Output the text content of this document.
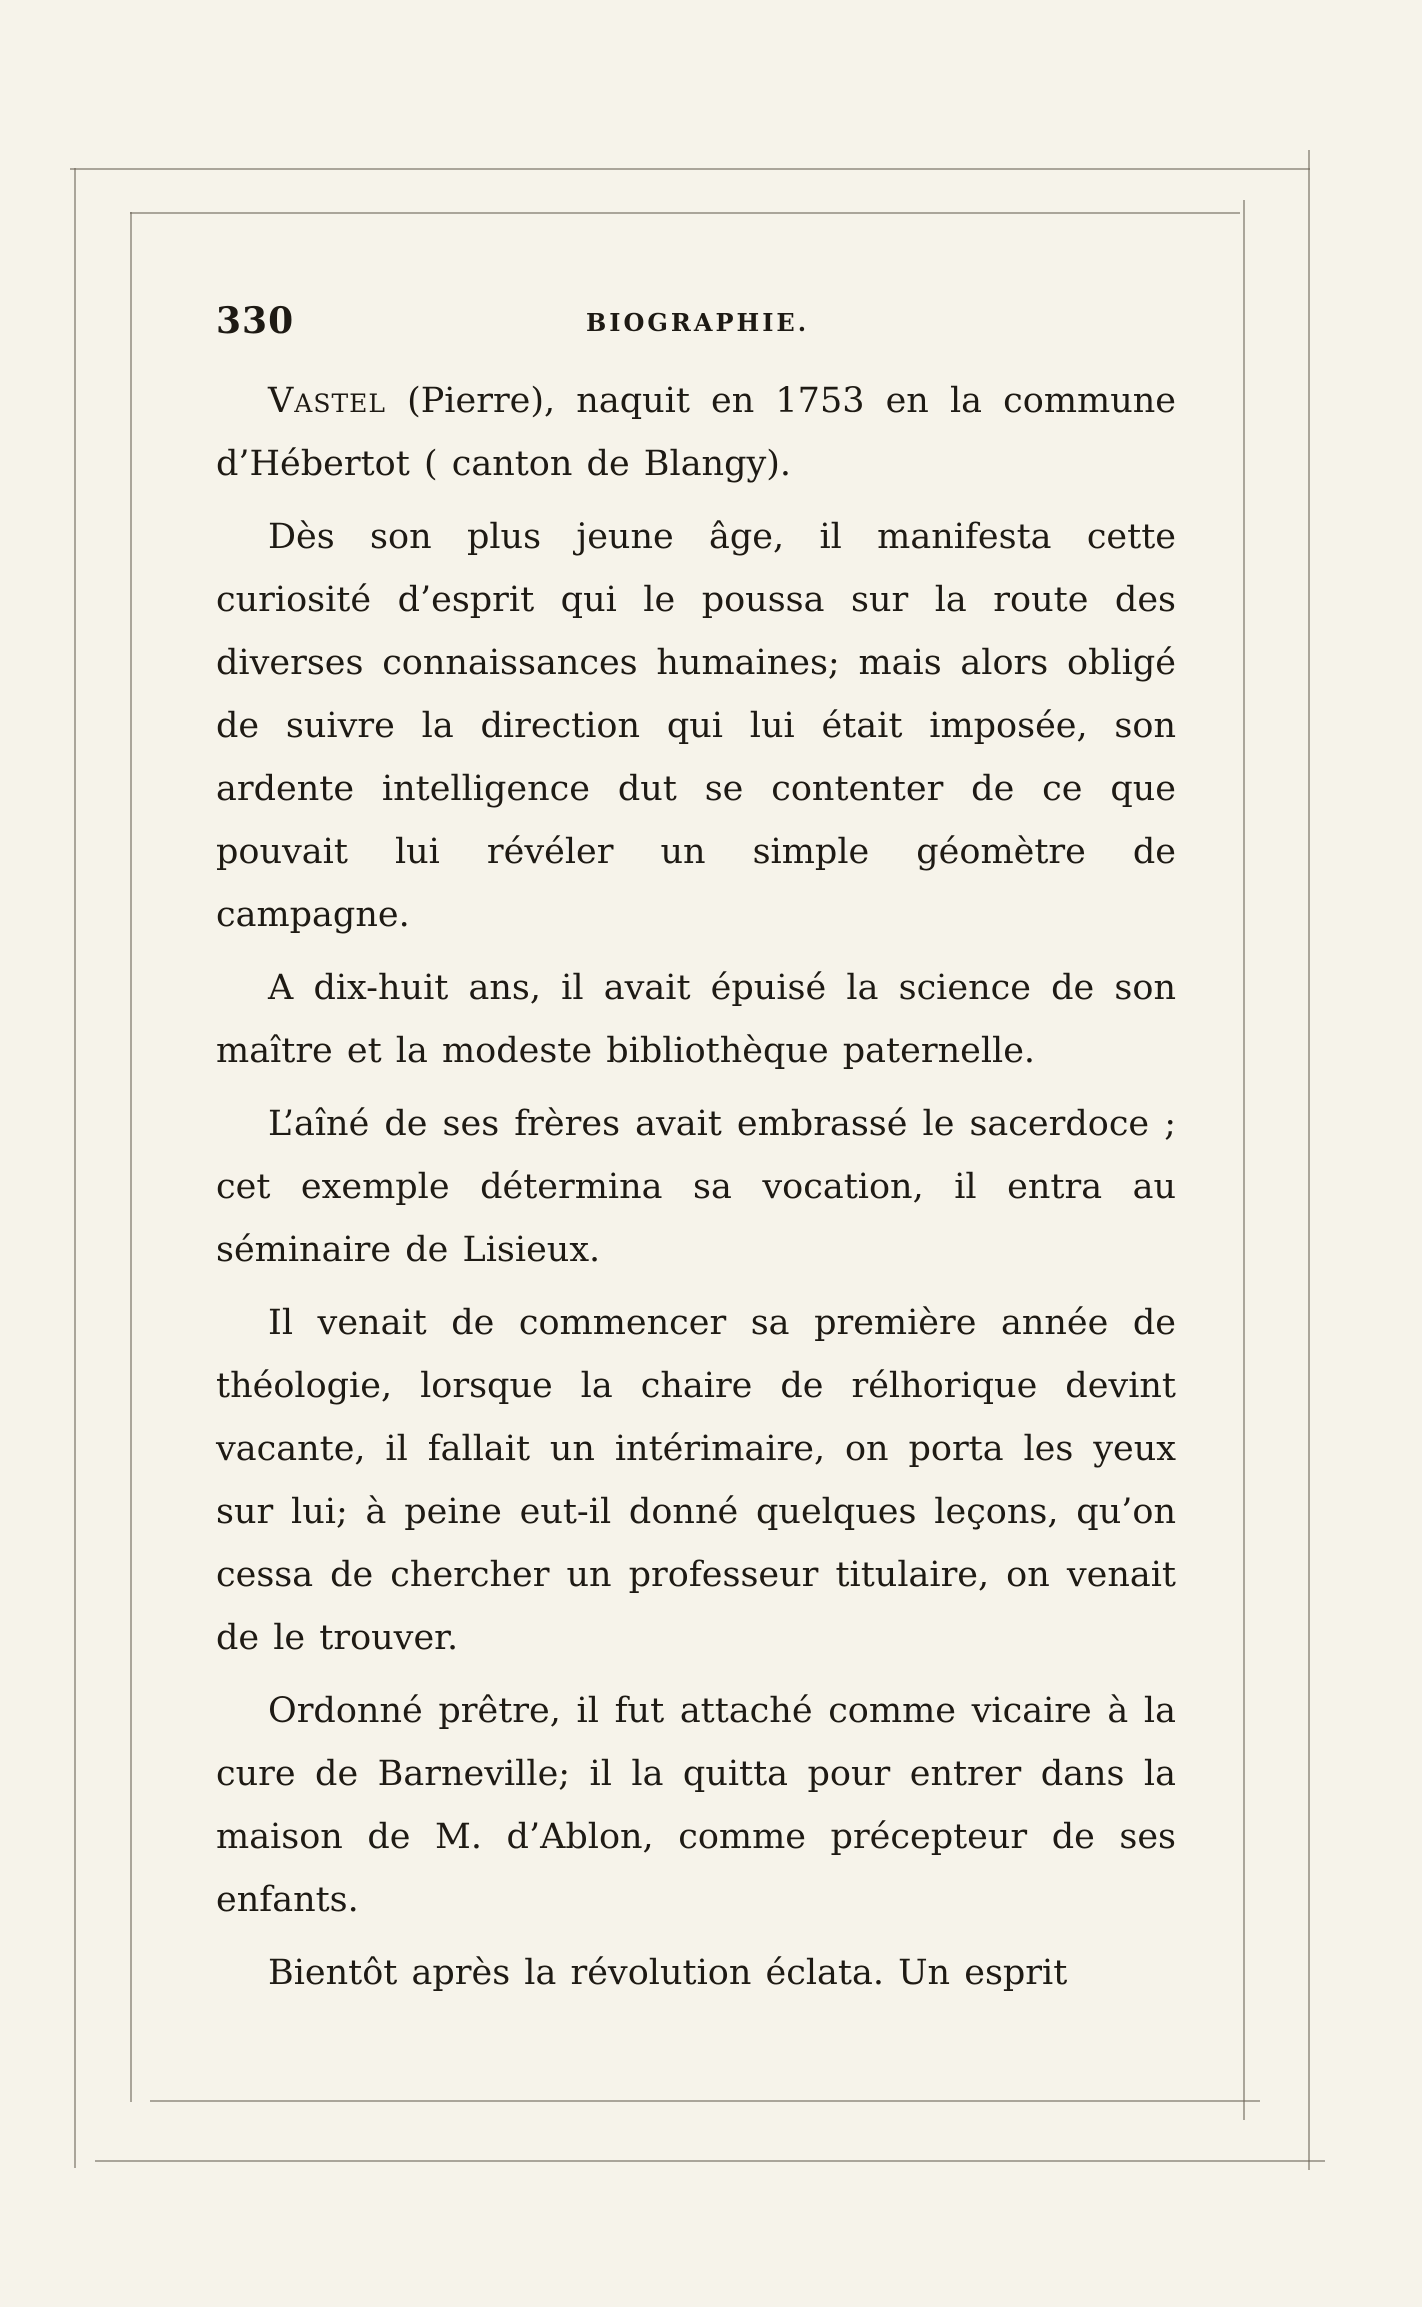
330	BIOGRAPHIE.

Vastel (Pierre), naquit en 1753 en la commune d’Hébertot ( canton de Blangy).

Dès son plus jeune âge, il manifesta cette curiosité d’esprit qui le poussa sur la route des diverses connaissances humaines; mais alors obligé de suivre la direction qui lui était imposée, son ardente intelligence dut se contenter de ce que pouvait lui révéler un simple géomètre de campagne.

A dix-huit ans, il avait épuisé la science de son maître et la modeste bibliothèque paternelle.

L’aîné de ses frères avait embrassé le sacerdoce ; cet exemple détermina sa vocation, il entra au séminaire de Lisieux.

Il venait de commencer sa première année de théologie, lorsque la chaire de rélhorique devint vacante, il fallait un intérimaire, on porta les yeux sur lui; à peine eut-il donné quelques leçons, qu’on cessa de chercher un professeur titulaire, on venait de le trouver.

Ordonné prêtre, il fut attaché comme vicaire à la cure de Barneville; il la quitta pour entrer dans la maison de M. d’Ablon, comme précepteur de ses enfants.

Bientôt après la révolution éclata. Un esprit
